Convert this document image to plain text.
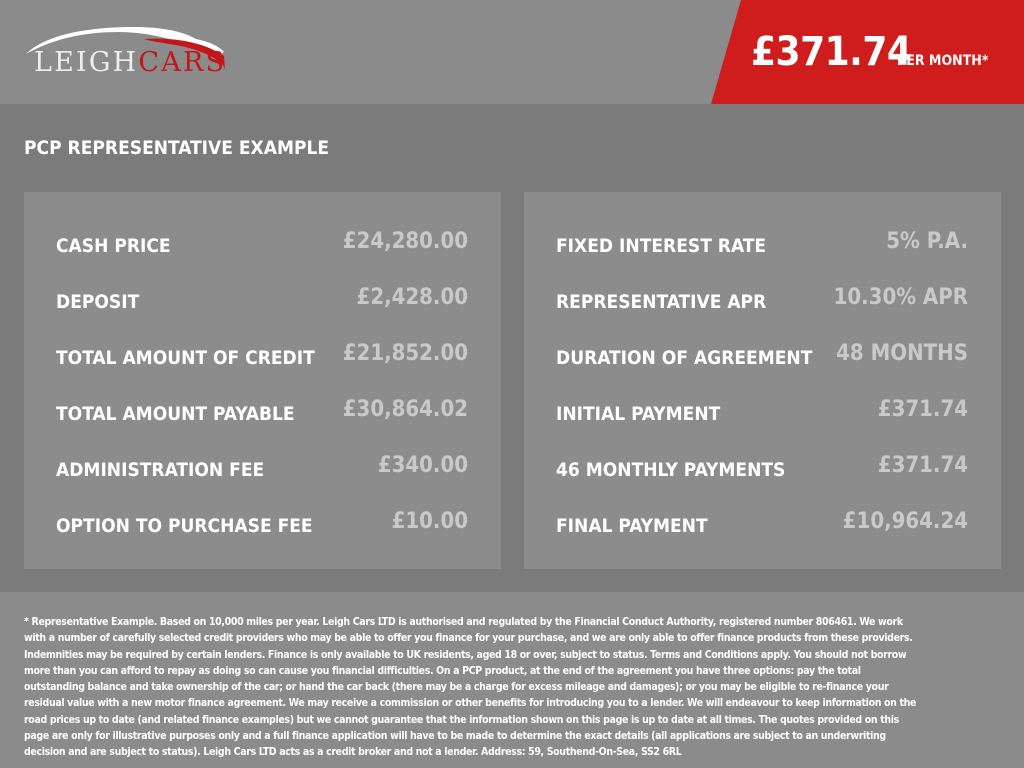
LEIGHCARS	£371.74
PER MONTH*
PCP REPRESENTATIVE EXAMPLE
CASH PRICE	£24,280.00
DEPOSIT	£2,428.00
TOTAL AMOUNT OF CREDIT £21,852.00
TOTAL AMOUNT PAYABLE £30,864.02
ADMINISTRATION FEE	£340.00
OPTION TO PURCHASE FEE	£10.00
FIXED INTEREST RATE	5% P.A.
REPRESENTATIVE APR	10.30% APR
DURATION OF AGREEMENT 48 MONTHS
INITIAL PAYMENT	£371.74
46 MONTHLY PAYMENTS	£371.74
FINAL PAYMENT	£10,964.24
* Representative Example. Based on 10,000 miles per year. Leigh Cars LTD is authorised and regulated by the Financial Conduct Authority, registered number 806461. We work with a number of carefully selected credit providers who may be able to offer you finance for your purchase, and we are only able to offer finance products from these providers. Indemnities may be required by certain lenders. Finance is only available to UK residents, aged 18 or over, subject to status. Terms and Conditions apply. You should not borrow more than you can afford to repay as doing so can cause you financial difficulties. On a PCP product, at the end of the agreement you have three options: pay the total outstanding balance and take ownership of the car; or hand the car back (there may be a charge for excess mileage and damages); or you may be eligible to re-finance your residual value with a new motor finance agreement. We may receive a commission or other benefits for introducing you to a lender. We will endeavour to keep information on the road prices up to date (and related finance examples) but we cannot guarantee that the information shown on this page is up to date at all times. The quotes provided on this page are only for illustrative purposes only and a full finance application will have to be made to determine the exact details (all applications are subject to an underwriting decision and are subject to status). Leigh Cars LTD acts as a credit broker and not a lender. Address: 59, Southend-On-Sea, SS2 6RL
